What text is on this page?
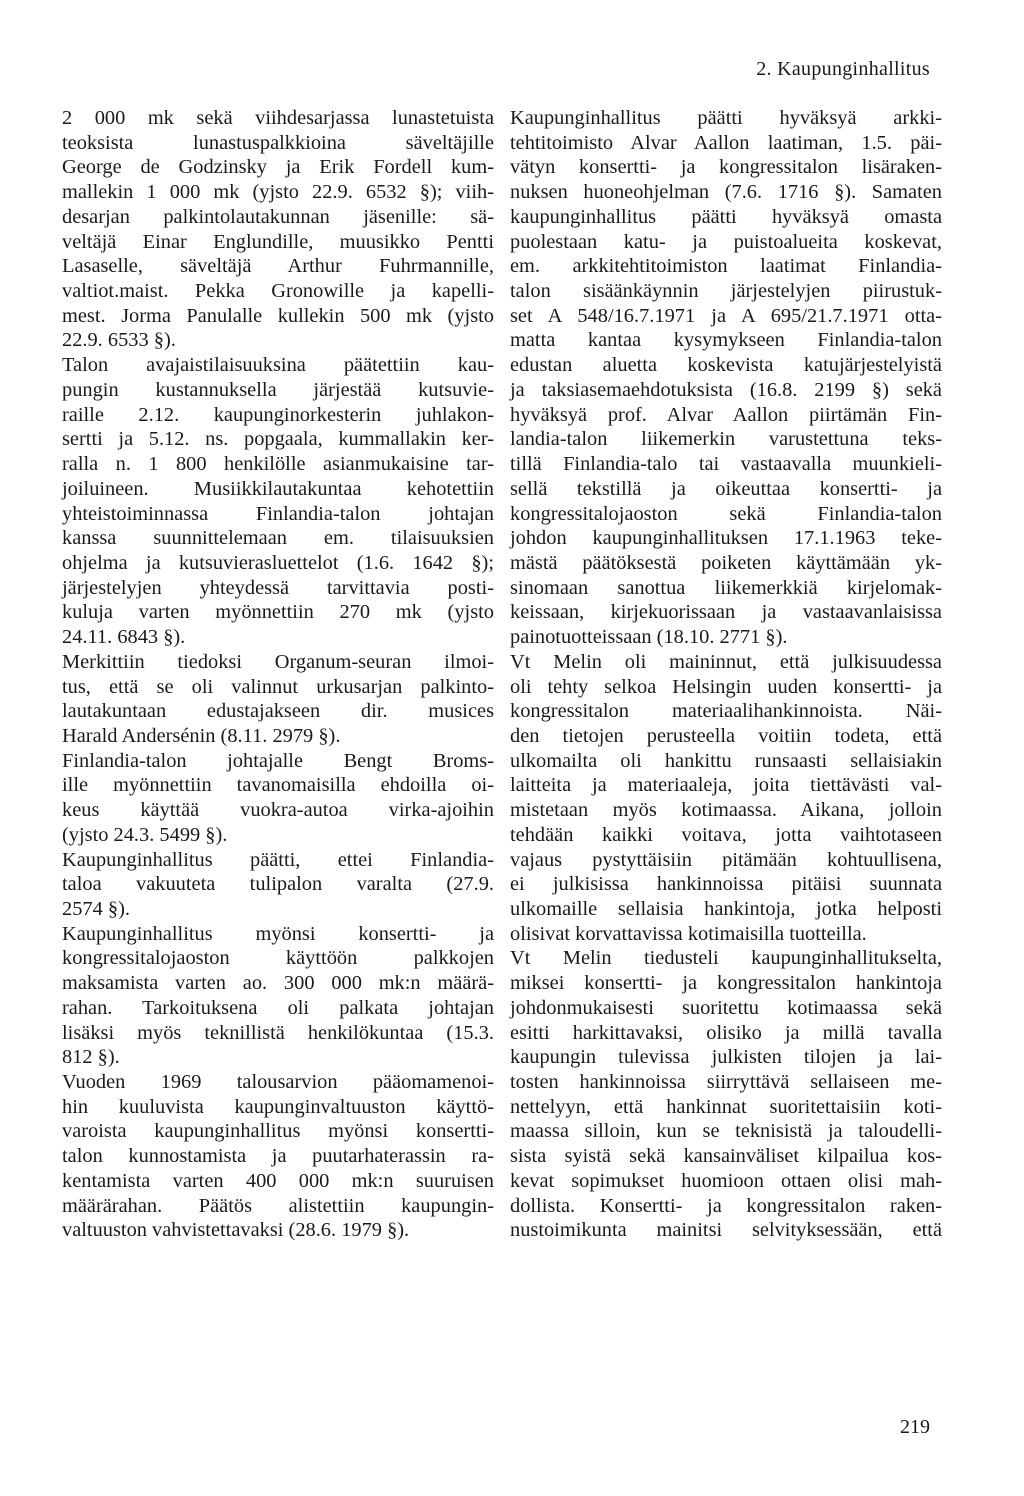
2. Kaupunginhallitus
2 000 mk sekä viihdesarjassa lunastetuista
teoksista lunastuspalkkioina säveltäjille
George de Godzinsky ja Erik Fordell kum-
mallekin 1 000 mk (yjsto 22.9. 6532 §); viih-
desarjan palkintolautakunnan jäsenille: sä-
veltäjä Einar Englundille, muusikko Pentti
Lasaselle, säveltäjä Arthur Fuhrmannille,
valtiot.maist. Pekka Gronowille ja kapelli-
mest. Jorma Panulalle kullekin 500 mk (yjsto
22.9. 6533 §).
Talon avajaistilaisuuksina päätettiin kau-
pungin kustannuksella järjestää kutsuvie-
raille 2.12. kaupunginorkesterin juhlakon-
sertti ja 5.12. ns. popgaala, kummallakin ker-
ralla n. 1 800 henkilölle asianmukaisine tar-
joiluineen. Musiikkilautakuntaa kehotettiin
yhteistoiminnassa Finlandia-talon johtajan
kanssa suunnittelemaan em. tilaisuuksien
ohjelma ja kutsuvierasluettelot (1.6. 1642 §);
järjestelyjen yhteydessä tarvittavia posti-
kuluja varten myönnettiin 270 mk (yjsto
24.11. 6843 §).
Merkittiin tiedoksi Organum-seuran ilmoi-
tus, että se oli valinnut urkusarjan palkinto-
lautakuntaan edustajakseen dir. musices
Harald Andersénin (8.11. 2979 §).
Finlandia-talon johtajalle Bengt Broms-
ille myönnettiin tavanomaisilla ehdoilla oi-
keus käyttää vuokra-autoa virka-ajoihin
(yjsto 24.3. 5499 §).
Kaupunginhallitus päätti, ettei Finlandia-
taloa vakuuteta tulipalon varalta (27.9.
2574 §).
Kaupunginhallitus myönsi konsertti- ja
kongressitalojaoston käyttöön palkkojen
maksamista varten ao. 300 000 mk:n määrä-
rahan. Tarkoituksena oli palkata johtajan
lisäksi myös teknillistä henkilökuntaa (15.3.
812 §).
Vuoden 1969 talousarvion pääomamenoi-
hin kuuluvista kaupunginvaltuuston käyttö-
varoista kaupunginhallitus myönsi konsertti-
talon kunnostamista ja puutarhaterassin ra-
kentamista varten 400 000 mk:n suuruisen
määrärahan. Päätös alistettiin kaupungin-
valtuuston vahvistettavaksi (28.6. 1979 §).
Kaupunginhallitus päätti hyväksyä arkki-
tehtitoimisto Alvar Aallon laatiman, 1.5. päi-
vätyn konsertti- ja kongressitalon lisäraken-
nuksen huoneohjelman (7.6. 1716 §). Samaten
kaupunginhallitus päätti hyväksyä omasta
puolestaan katu- ja puistoalueita koskevat,
em. arkkitehtitoimiston laatimat Finlandia-
talon sisäänkäynnin järjestelyjen piirustuk-
set A 548/16.7.1971 ja A 695/21.7.1971 otta-
matta kantaa kysymykseen Finlandia-talon
edustan aluetta koskevista katujärjestelyistä
ja taksiasemaehdotuksista (16.8. 2199 §) sekä
hyväksyä prof. Alvar Aallon piirtämän Fin-
landia-talon liikemerkin varustettuna teks-
tillä Finlandia-talo tai vastaavalla muunkieli-
sellä tekstillä ja oikeuttaa konsertti- ja
kongressitalojaoston sekä Finlandia-talon
johdon kaupunginhallituksen 17.1.1963 teke-
mästä päätöksestä poiketen käyttämään yk-
sinomaan sanottua liikemerkkiä kirjelomak-
keissaan, kirjekuorissaan ja vastaavanlaisissa
painotuotteissaan (18.10. 2771 §).
Vt Melin oli maininnut, että julkisuudessa
oli tehty selkoa Helsingin uuden konsertti- ja
kongressitalon materiaalihankinnoista. Näi-
den tietojen perusteella voitiin todeta, että
ulkomailta oli hankittu runsaasti sellaisiakin
laitteita ja materiaaleja, joita tiettävästi val-
mistetaan myös kotimaassa. Aikana, jolloin
tehdään kaikki voitava, jotta vaihtotaseen
vajaus pystyttäisiin pitämään kohtuullisena,
ei julkisissa hankinnoissa pitäisi suunnata
ulkomaille sellaisia hankintoja, jotka helposti
olisivat korvattavissa kotimaisilla tuotteilla.
Vt Melin tiedusteli kaupunginhallitukselta,
miksei konsertti- ja kongressitalon hankintoja
johdonmukaisesti suoritettu kotimaassa sekä
esitti harkittavaksi, olisiko ja millä tavalla
kaupungin tulevissa julkisten tilojen ja lai-
tosten hankinnoissa siirryttävä sellaiseen me-
nettelyyn, että hankinnat suoritettaisiin koti-
maassa silloin, kun se teknisistä ja taloudelli-
sista syistä sekä kansainväliset kilpailua kos-
kevat sopimukset huomioon ottaen olisi mah-
dollista. Konsertti- ja kongressitalon raken-
nustoimikunta mainitsi selvityksessään, että
219
